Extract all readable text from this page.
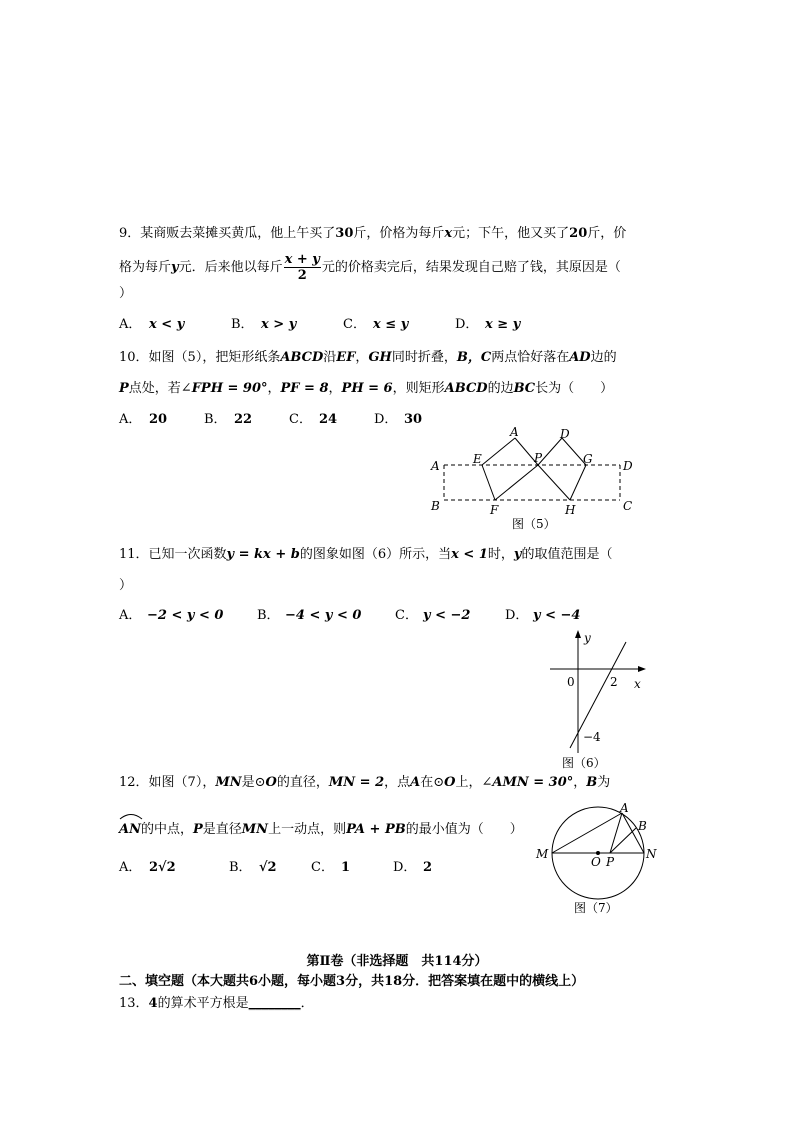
9．某商贩去菜摊买黄瓜，他上午买了30斤，价格为每斤x元；下午，他又买了20斤，价
格为每斤y元．后来他以每斤 $\frac{x + y}{2}$ 元的价格卖完后，结果发现自己赔了钱，其原因是（
）
A． x < y	B． x > y	C． x ≤ y	D． x ≥ y
10．如图（5），把矩形纸条ABCD沿EF，GH同时折叠，B，C两点恰好落在AD边的
P点处，若∠FPH = 90°，PF = 8，PH = 6，则矩形ABCD的边BC长为（　　）
A． 20	B． 22	C． 24	D． 30
A	D
E	P	G
A	D
B	F	H	C
图（5）
11．已知一次函数y = kx + b的图象如图（6）所示，当x < 1时，y的取值范围是（
）
A． −2 < y < 0	B． −4 < y < 0	C． y < −2	D． y < −4
y
x
0	2
−4
图（6）
12．如图（7），MN是⊙O的直径，MN = 2，点A在⊙O上，∠AMN = 30°，B为
AN的中点，P是直径MN上一动点，则PA + PB的最小值为（　　）
A． 2√2	B． √2	C． 1	D． 2
A
B
M
O P
N
图（7）
第Ⅱ卷（非选择题　共114分）
二、填空题（本大题共6小题，每小题3分，共18分．把答案填在题中的横线上）
13．4的算术平方根是________．
